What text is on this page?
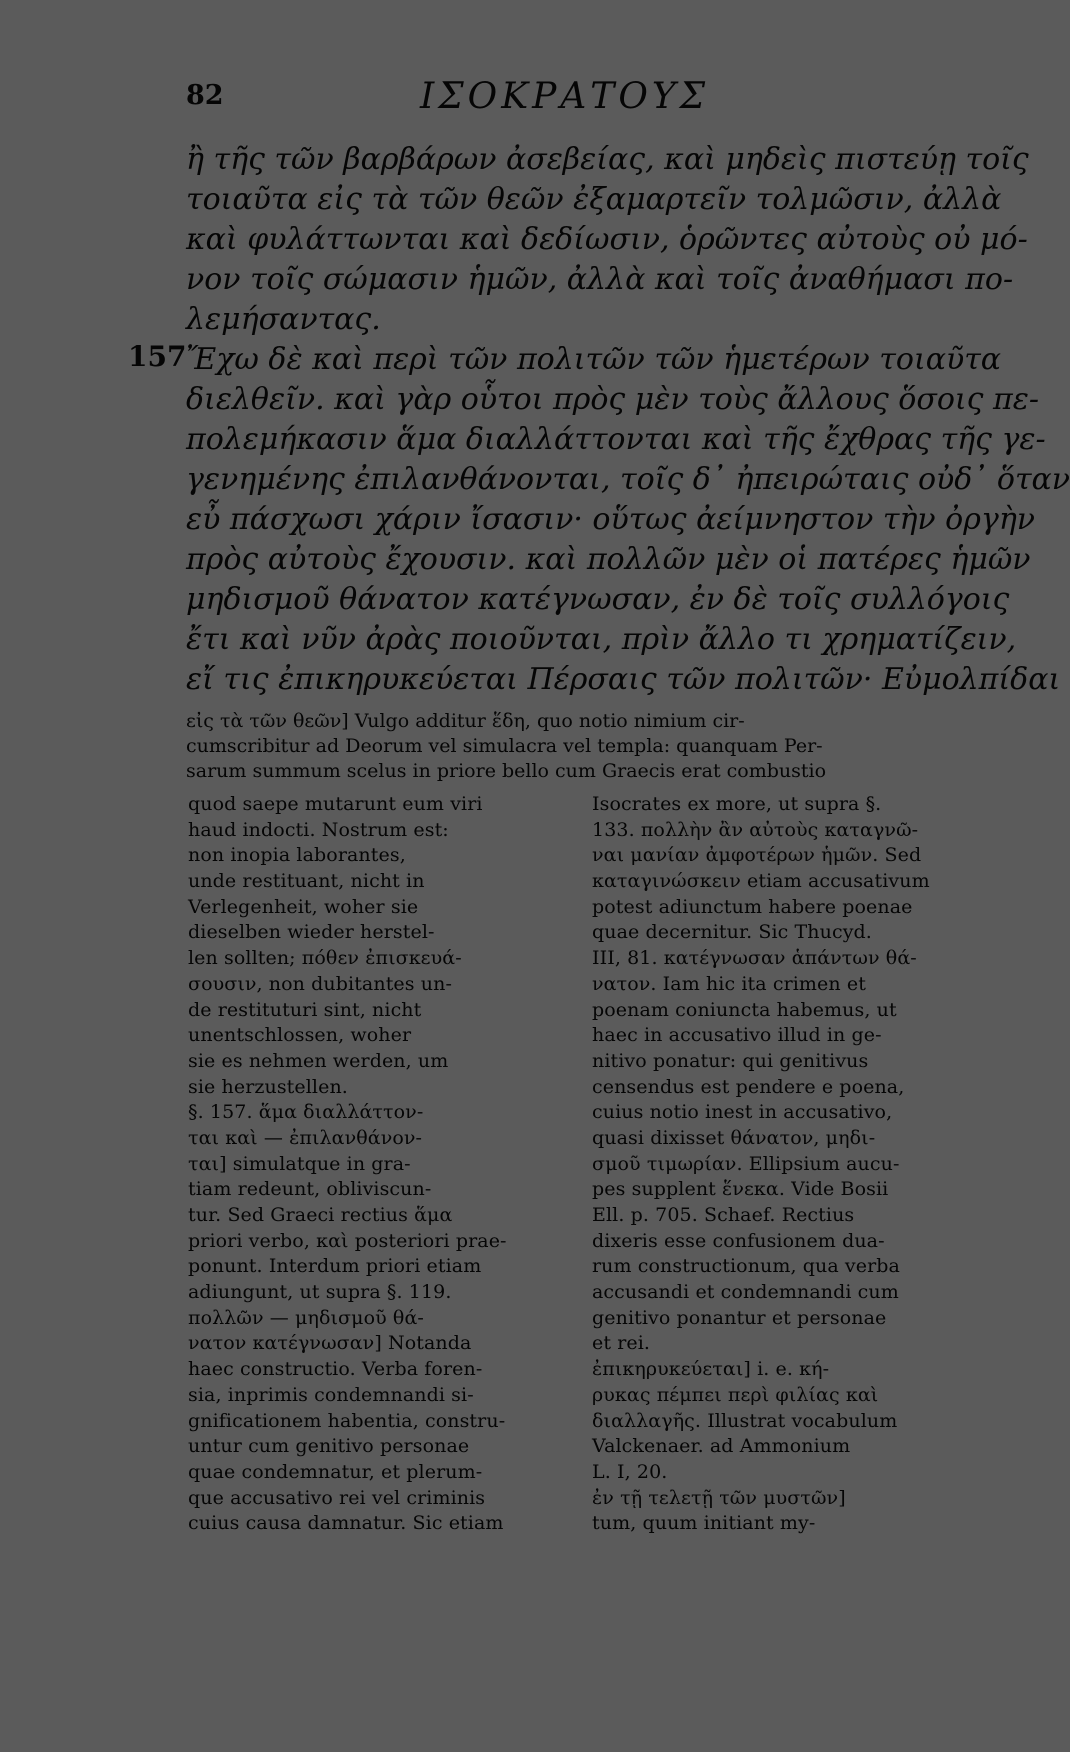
82	ΙΣΟΚΡΑΤΟΥΣ
157
ἢ τῆς τῶν βαρβάρων ἀσεβείας, καὶ μηδεὶς πιστεύῃ τοῖς
τοιαῦτα εἰς τὰ τῶν θεῶν ἐξαμαρτεῖν τολμῶσιν, ἀλλὰ
καὶ φυλάττωνται καὶ δεδίωσιν, ὁρῶντες αὐτοὺς οὐ μό-
νον τοῖς σώμασιν ἡμῶν, ἀλλὰ καὶ τοῖς ἀναθήμασι πο-
λεμήσαντας.
Ἔχω δὲ καὶ περὶ τῶν πολιτῶν τῶν ἡμετέρων τοιαῦτα
διελθεῖν. καὶ γὰρ οὗτοι πρὸς μὲν τοὺς ἄλλους ὅσοις πε-
πολεμήκασιν ἅμα διαλλάττονται καὶ τῆς ἔχθρας τῆς γε-
γενημένης ἐπιλανθάνονται, τοῖς δ᾽ ἠπειρώταις οὐδ᾽ ὅταν
εὖ πάσχωσι χάριν ἴσασιν· οὕτως ἀείμνηστον τὴν ὀργὴν
πρὸς αὐτοὺς ἔχουσιν. καὶ πολλῶν μὲν οἱ πατέρες ἡμῶν
μηδισμοῦ θάνατον κατέγνωσαν, ἐν δὲ τοῖς συλλόγοις
ἔτι καὶ νῦν ἀρὰς ποιοῦνται, πρὶν ἄλλο τι χρηματίζειν,
εἴ τις ἐπικηρυκεύεται Πέρσαις τῶν πολιτῶν· Εὐμολπίδαι
εἰς τὰ τῶν θεῶν] Vulgo additur ἕδη, quo notio nimium cir-
cumscribitur ad Deorum vel simulacra vel templa: quanquam Per-
sarum summum scelus in priore bello cum Graecis erat combustio
quod saepe mutarunt eum viri
haud indocti. Nostrum est:
non inopia laborantes,
unde restituant, nicht in
Verlegenheit, woher sie
dieselben wieder herstel-
len sollten; πόθεν ἐπισκευά-
σουσιν, non dubitantes un-
de restituturi sint, nicht
unentschlossen, woher
sie es nehmen werden, um
sie herzustellen.
§. 157. ἅμα διαλλάττον-
ται καὶ — ἐπιλανθάνον-
ται] simulatque in gra-
tiam redeunt, obliviscun-
tur. Sed Graeci rectius ἅμα
priori verbo, καὶ posteriori prae-
ponunt. Interdum priori etiam
adiungunt, ut supra §. 119.
πολλῶν — μηδισμοῦ θά-
νατον κατέγνωσαν] Notanda
haec constructio. Verba foren-
sia, inprimis condemnandi si-
gnificationem habentia, constru-
untur cum genitivo personae
quae condemnatur, et plerum-
que accusativo rei vel criminis
cuius causa damnatur. Sic etiam
Isocrates ex more, ut supra §.
133. πολλὴν ἂν αὐτοὺς καταγνῶ-
ναι μανίαν ἀμφοτέρων ἡμῶν. Sed
καταγινώσκειν etiam accusativum
potest adiunctum habere poenae
quae decernitur. Sic Thucyd.
III, 81. κατέγνωσαν ἁπάντων θά-
νατον. Iam hic ita crimen et
poenam coniuncta habemus, ut
haec in accusativo illud in ge-
nitivo ponatur: qui genitivus
censendus est pendere e poena,
cuius notio inest in accusativo,
quasi dixisset θάνατον, μηδι-
σμοῦ τιμωρίαν. Ellipsium aucu-
pes supplent ἕνεκα. Vide Bosii
Ell. p. 705. Schaef. Rectius
dixeris esse confusionem dua-
rum constructionum, qua verba
accusandi et condemnandi cum
genitivo ponantur et personae
et rei.
ἐπικηρυκεύεται] i. e. κή-
ρυκας πέμπει περὶ φιλίας καὶ
διαλλαγῆς. Illustrat vocabulum
Valckenaer. ad Ammonium
L. I, 20.
ἐν τῇ τελετῇ τῶν μυστῶν]
tum, quum initiant my-
